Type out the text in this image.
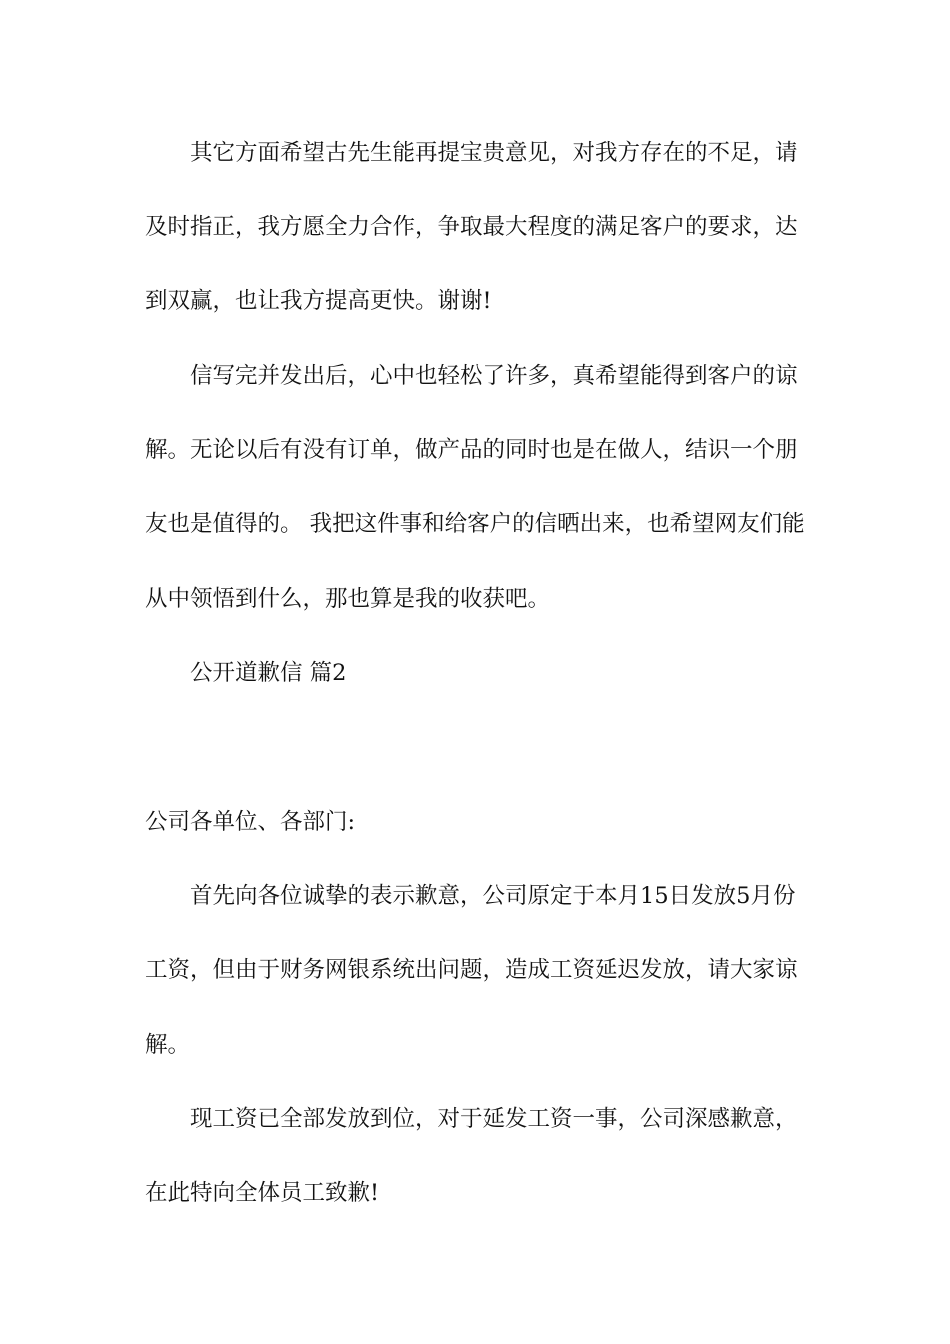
其它方面希望古先生能再提宝贵意见，对我方存在的不足，请
及时指正，我方愿全力合作，争取最大程度的满足客户的要求，达
到双赢，也让我方提高更快。谢谢!
信写完并发出后，心中也轻松了许多，真希望能得到客户的谅
解。无论以后有没有订单，做产品的同时也是在做人，结识一个朋
友也是值得的。 我把这件事和给客户的信晒出来，也希望网友们能
从中领悟到什么，那也算是我的收获吧。
公开道歉信 篇2
公司各单位、各部门:
首先向各位诚挚的表示歉意，公司原定于本月15日发放5月份
工资，但由于财务网银系统出问题，造成工资延迟发放，请大家谅
解。
现工资已全部发放到位，对于延发工资一事，公司深感歉意，
在此特向全体员工致歉!
